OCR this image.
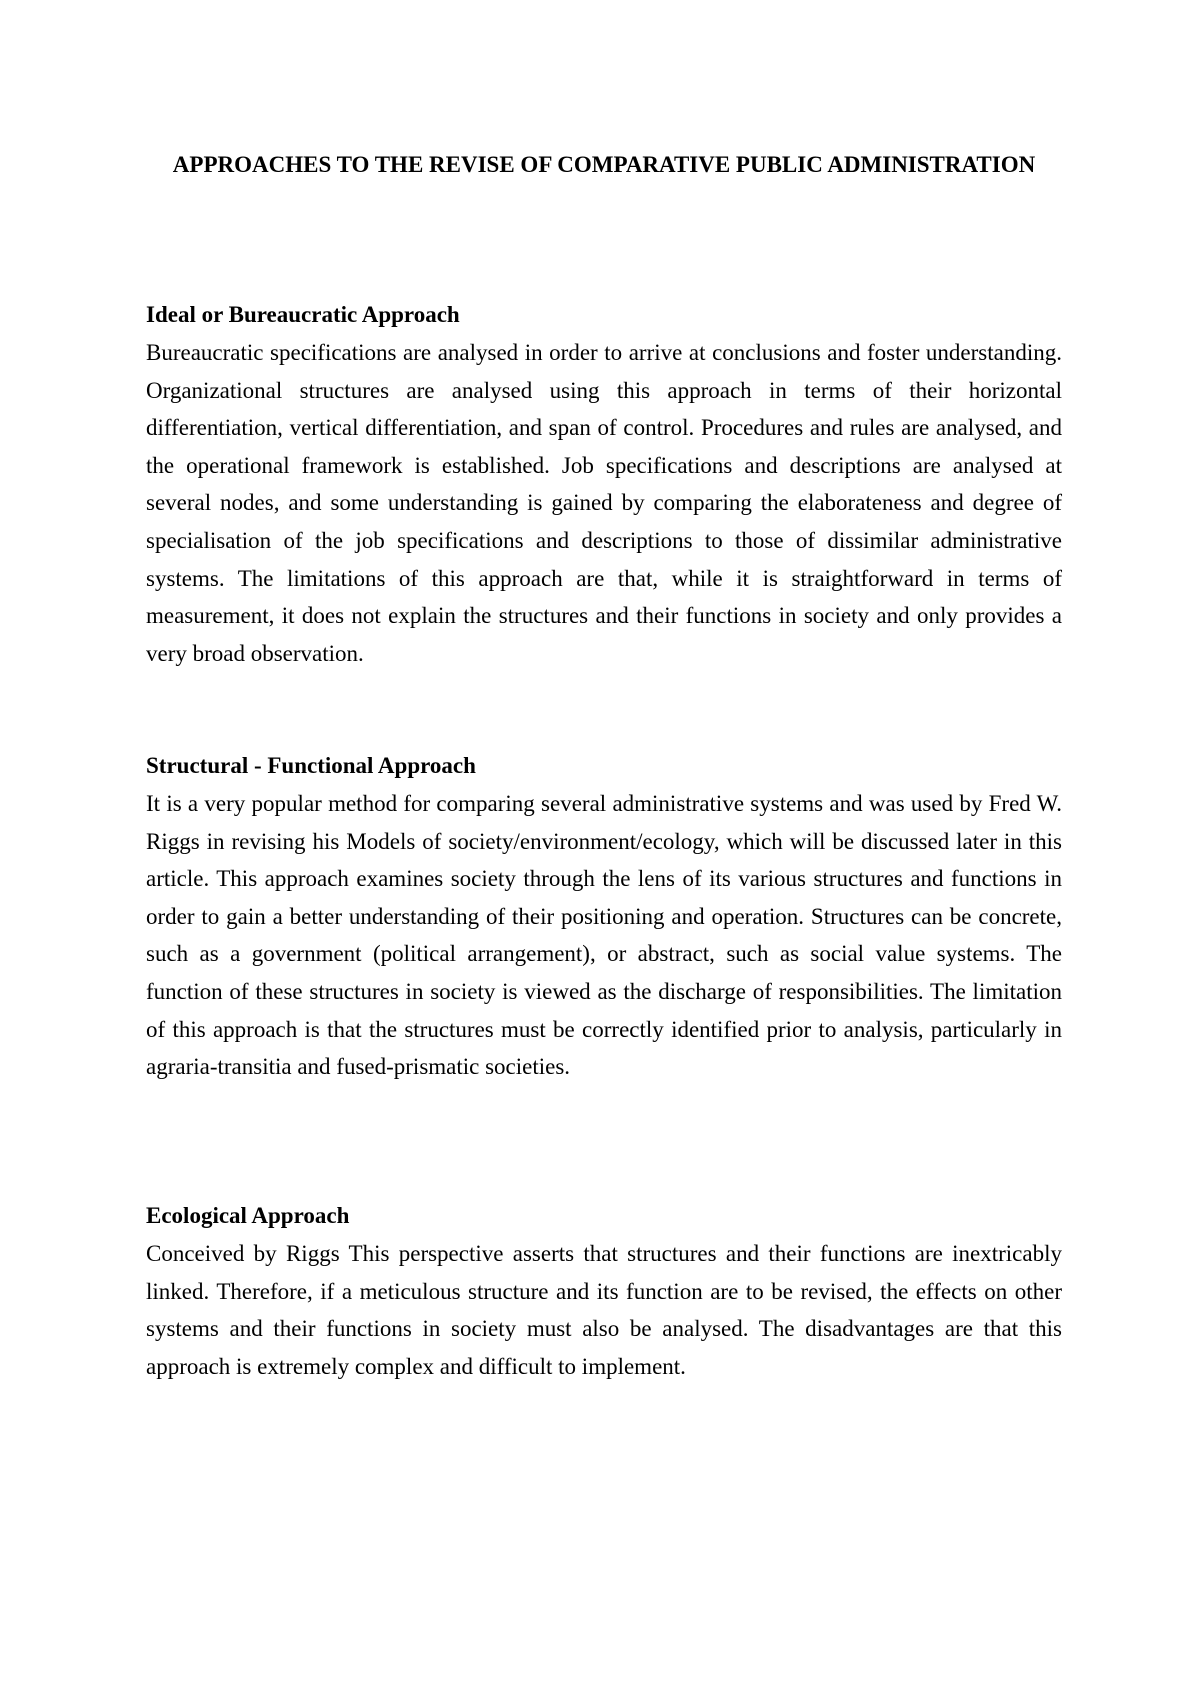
APPROACHES TO THE REVISE OF COMPARATIVE PUBLIC ADMINISTRATION

Ideal or Bureaucratic Approach

Bureaucratic specifications are analysed in order to arrive at conclusions and foster understanding. Organizational structures are analysed using this approach in terms of their horizontal differentiation, vertical differentiation, and span of control. Procedures and rules are analysed, and the operational framework is established. Job specifications and descriptions are analysed at several nodes, and some understanding is gained by comparing the elaborateness and degree of specialisation of the job specifications and descriptions to those of dissimilar administrative systems. The limitations of this approach are that, while it is straightforward in terms of measurement, it does not explain the structures and their functions in society and only provides a very broad observation.

Structural - Functional Approach

It is a very popular method for comparing several administrative systems and was used by Fred W. Riggs in revising his Models of society/environment/ecology, which will be discussed later in this article. This approach examines society through the lens of its various structures and functions in order to gain a better understanding of their positioning and operation. Structures can be concrete, such as a government (political arrangement), or abstract, such as social value systems. The function of these structures in society is viewed as the discharge of responsibilities. The limitation of this approach is that the structures must be correctly identified prior to analysis, particularly in agraria-transitia and fused-prismatic societies.

Ecological Approach

Conceived by Riggs This perspective asserts that structures and their functions are inextricably linked. Therefore, if a meticulous structure and its function are to be revised, the effects on other systems and their functions in society must also be analysed. The disadvantages are that this approach is extremely complex and difficult to implement.
